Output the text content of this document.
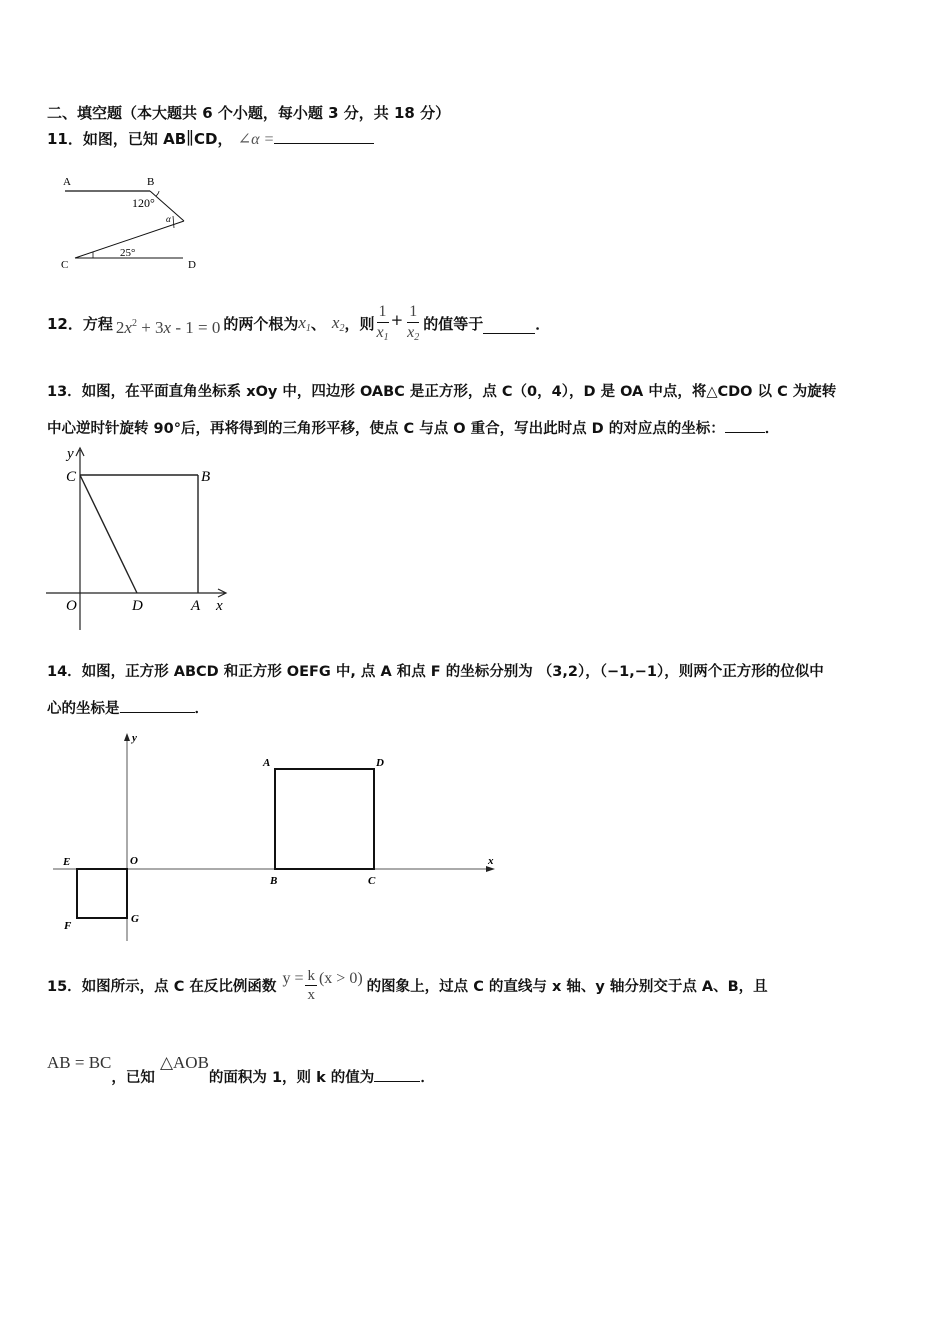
二、填空题（本大题共 6 个小题，每小题 3 分，共 18 分）
11．如图，已知 AB∥CD， ∠α =
A	B
120°
α
25°
C	D
12． 方程 $2x^2 + 3x - 1 = 0$ 的两个根为 $x_1$ 、 $x_2$ ，则 $\frac{1}{x_1} + \frac{1}{x_2}$ 的值等于	．
13．如图，在平面直角坐标系 xOy 中，四边形 OABC 是正方形，点 C（0，4），D 是 OA 中点，将△CDO 以 C 为旋转
中心逆时针旋转 90°后，再将得到的三角形平移，使点 C 与点 O 重合，写出此时点 D 的对应点的坐标：	．
y
C	B
O	D	A x
14．如图，正方形 ABCD 和正方形 OEFG 中, 点 A 和点 F 的坐标分别为 （3,2），（−1,−1），则两个正方形的位似中
心的坐标是	．
y
x
A	D
B	C
E	O
F
G
15． 如图所示，点 C 在反比例函数 $y = \frac{k}{x} (x > 0)$ 的图象上，过点 C 的直线与 x 轴、y 轴分别交于点 A、B，且
AB = BC，已知 △AOB的面积为 1，则 k 的值为	．
